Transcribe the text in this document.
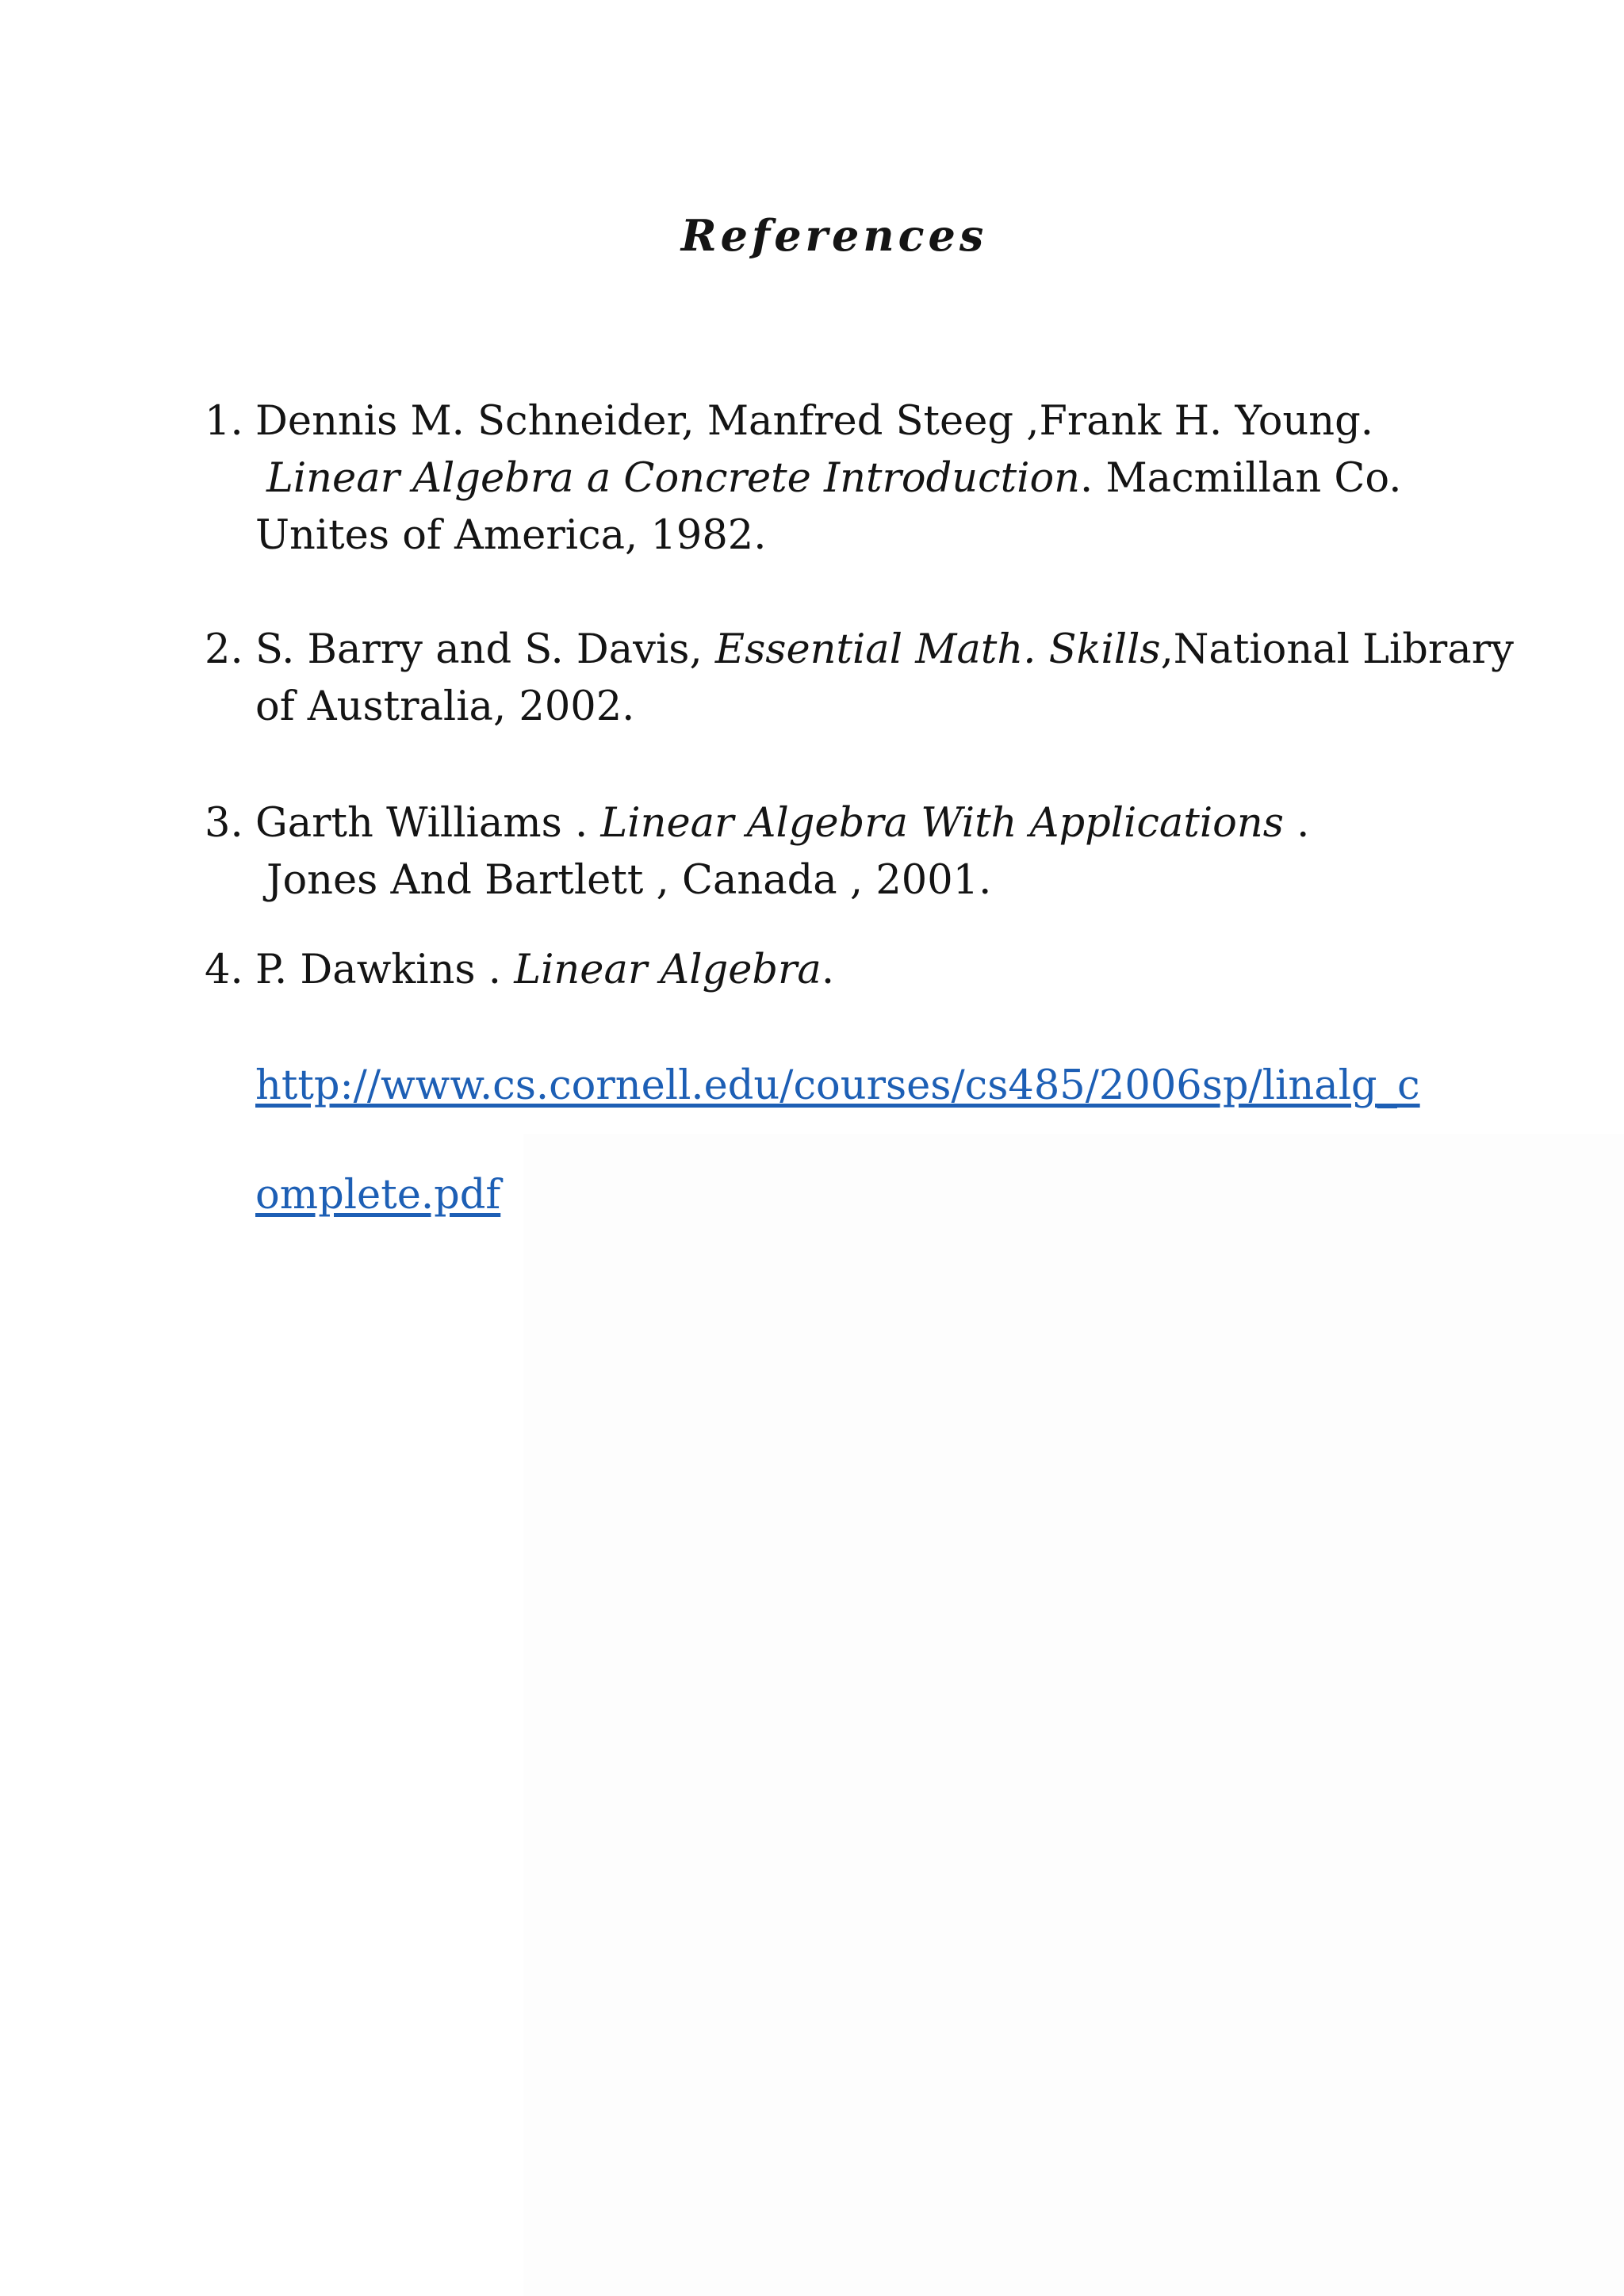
References
1. Dennis M. Schneider, Manfred Steeg ,Frank H. Young.
Linear Algebra a Concrete Introduction. Macmillan Co.
Unites of America, 1982.
2. S. Barry and S. Davis, Essential Math. Skills,National Library
of Australia, 2002.
3. Garth Williams . Linear Algebra With Applications .
Jones And Bartlett , Canada , 2001.
4. P. Dawkins . Linear Algebra.
http://www.cs.cornell.edu/courses/cs485/2006sp/linalg_c
omplete.pdf
